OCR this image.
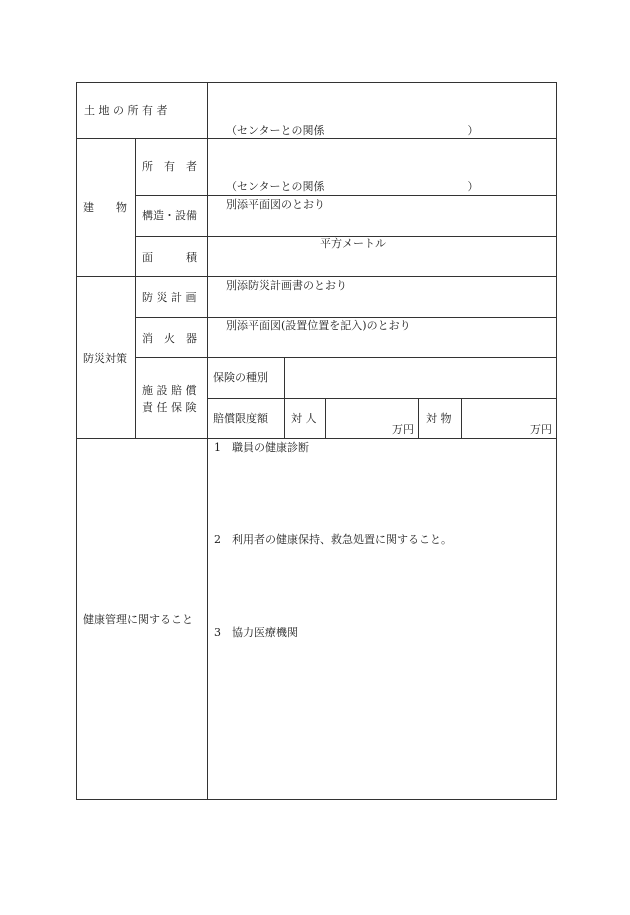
土 地 の 所 有 者
（センターとの関係　　　　　　　　　　　　　）
建　　物
所　有　者
（センターとの関係　　　　　　　　　　　　　）
構造・設備
別添平面図のとおり
面　　　積
平方メートル
防災対策
防 災 計 画
別添防災計画書のとおり
消　火　器
別添平面図(設置位置を記入)のとおり
施 設 賠 償
責 任 保 険
保険の種別
賠償限度額 対 人
万円
対 物
万円
健康管理に関すること
1　職員の健康診断
2　利用者の健康保持、救急処置に関すること。
3　協力医療機関
